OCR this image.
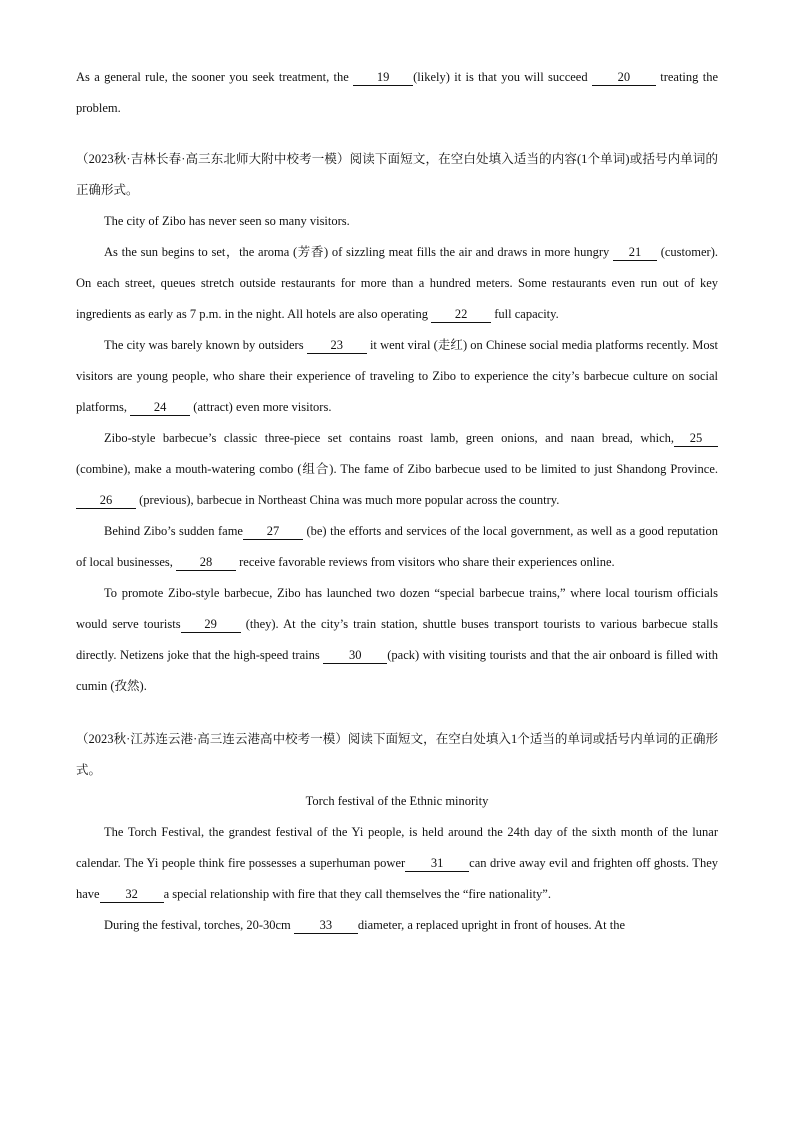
As a general rule, the sooner you seek treatment, the 19 (likely) it is that you will succeed 20 treating the problem.

（2023秋·吉林长春·高三东北师大附中校考一模）阅读下面短文，在空白处填入适当的内容(1个单词)或括号内单词的正确形式。

The city of Zibo has never seen so many visitors.

As the sun begins to set，the aroma (芳香) of sizzling meat fills the air and draws in more hungry 21 (customer). On each street, queues stretch outside restaurants for more than a hundred meters. Some restaurants even run out of key ingredients as early as 7 p.m. in the night. All hotels are also operating 22 full capacity.

The city was barely known by outsiders 23 it went viral (走红) on Chinese social media platforms recently. Most visitors are young people, who share their experience of traveling to Zibo to experience the city’s barbecue culture on social platforms, 24 (attract) even more visitors.

Zibo-style barbecue’s classic three-piece set contains roast lamb, green onions, and naan bread, which, 25 (combine), make a mouth-watering combo (组合). The fame of Zibo barbecue used to be limited to just Shandong Province. 26 (previous), barbecue in Northeast China was much more popular across the country.

Behind Zibo’s sudden fame 27 (be) the efforts and services of the local government, as well as a good reputation of local businesses, 28 receive favorable reviews from visitors who share their experiences online.

To promote Zibo-style barbecue, Zibo has launched two dozen “special barbecue trains,” where local tourism officials would serve tourists 29 (they). At the city’s train station, shuttle buses transport tourists to various barbecue stalls directly. Netizens joke that the high-speed trains 30 (pack) with visiting tourists and that the air onboard is filled with cumin (孜然).

（2023秋·江苏连云港·高三连云港高中校考一模）阅读下面短文，在空白处填入1个适当的单词或括号内单词的正确形式。

Torch festival of the Ethnic minority

The Torch Festival, the grandest festival of the Yi people, is held around the 24th day of the sixth month of the lunar calendar. The Yi people think fire possesses a superhuman power 31 can drive away evil and frighten off ghosts. They have 32 a special relationship with fire that they call themselves the “fire nationality”.

During the festival, torches, 20-30cm 33 diameter, a replaced upright in front of houses. At the
